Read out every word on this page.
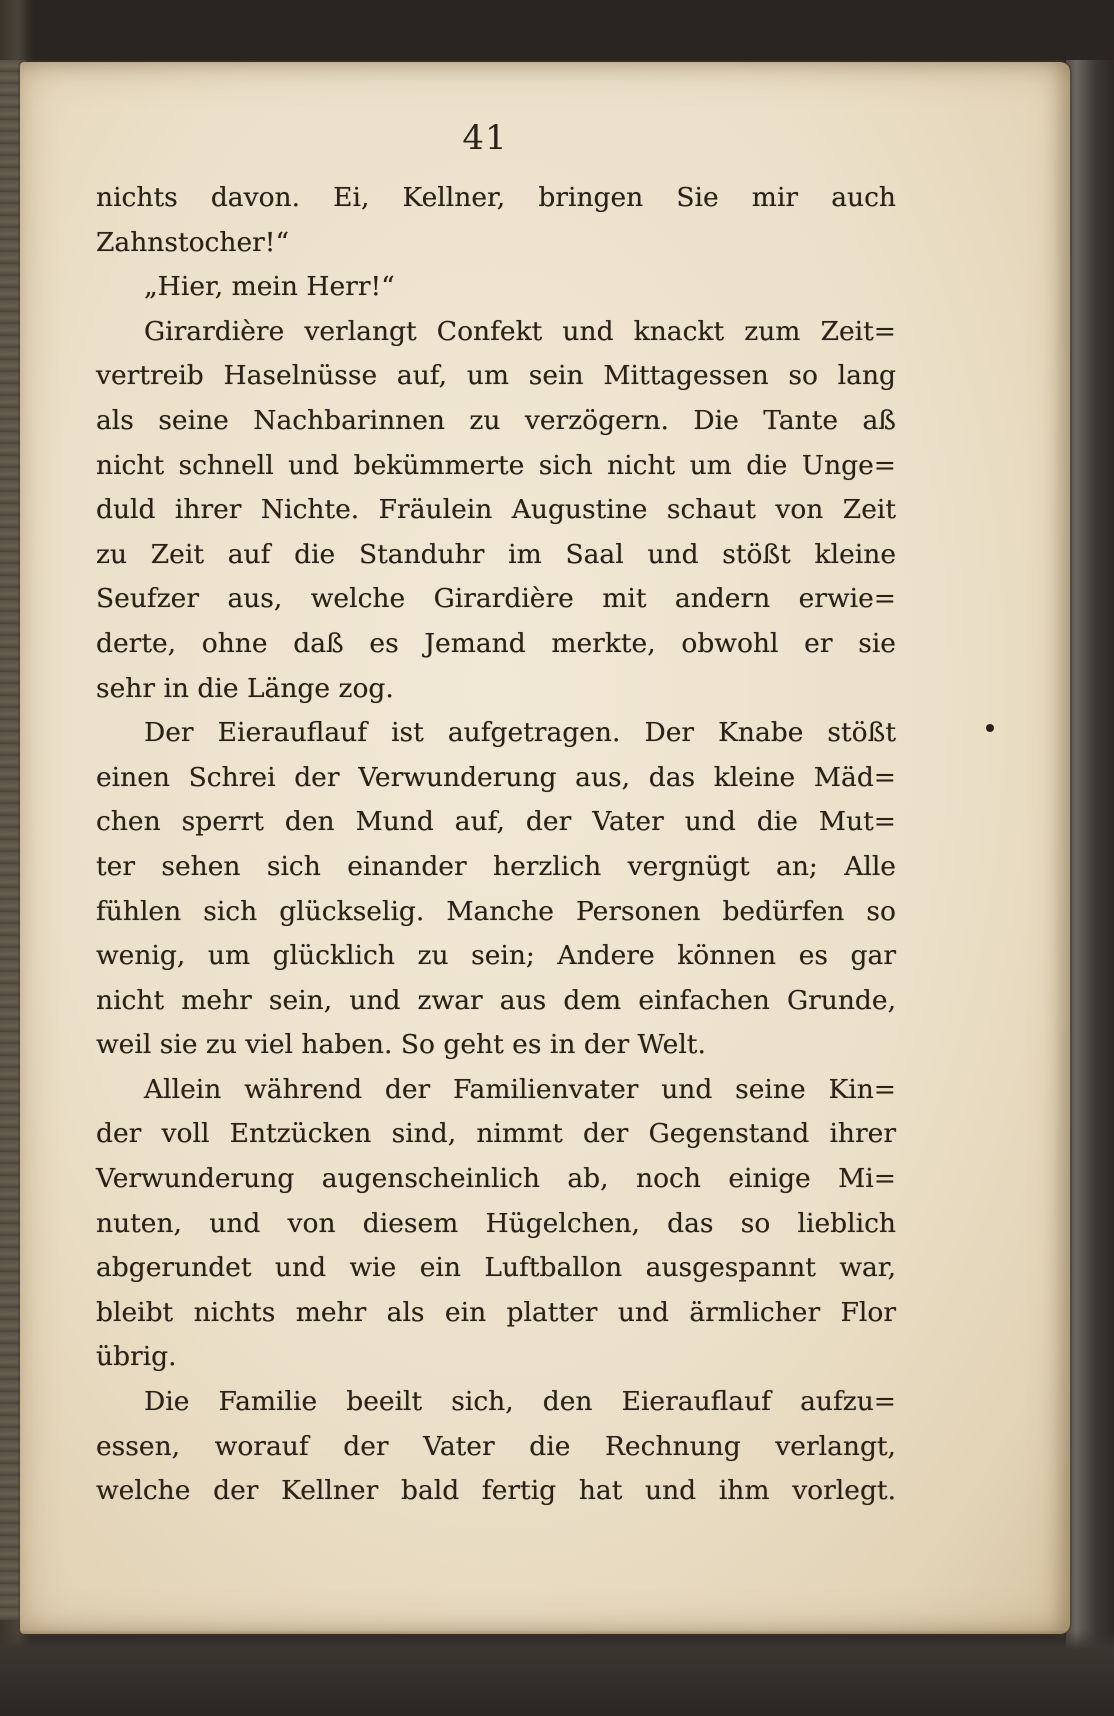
41
nichts davon. Ei, Kellner, bringen Sie mir auch
Zahnstocher!“
„Hier, mein Herr!“
Girardière verlangt Confekt und knackt zum Zeit=
vertreib Haselnüsse auf, um sein Mittagessen so lang
als seine Nachbarinnen zu verzögern. Die Tante aß
nicht schnell und bekümmerte sich nicht um die Unge=
duld ihrer Nichte. Fräulein Augustine schaut von Zeit
zu Zeit auf die Standuhr im Saal und stößt kleine
Seufzer aus, welche Girardière mit andern erwie=
derte, ohne daß es Jemand merkte, obwohl er sie
sehr in die Länge zog.
Der Eierauflauf ist aufgetragen. Der Knabe stößt
einen Schrei der Verwunderung aus, das kleine Mäd=
chen sperrt den Mund auf, der Vater und die Mut=
ter sehen sich einander herzlich vergnügt an; Alle
fühlen sich glückselig. Manche Personen bedürfen so
wenig, um glücklich zu sein; Andere können es gar
nicht mehr sein, und zwar aus dem einfachen Grunde,
weil sie zu viel haben. So geht es in der Welt.
Allein während der Familienvater und seine Kin=
der voll Entzücken sind, nimmt der Gegenstand ihrer
Verwunderung augenscheinlich ab, noch einige Mi=
nuten, und von diesem Hügelchen, das so lieblich
abgerundet und wie ein Luftballon ausgespannt war,
bleibt nichts mehr als ein platter und ärmlicher Flor
übrig.
Die Familie beeilt sich, den Eierauflauf aufzu=
essen, worauf der Vater die Rechnung verlangt,
welche der Kellner bald fertig hat und ihm vorlegt.
